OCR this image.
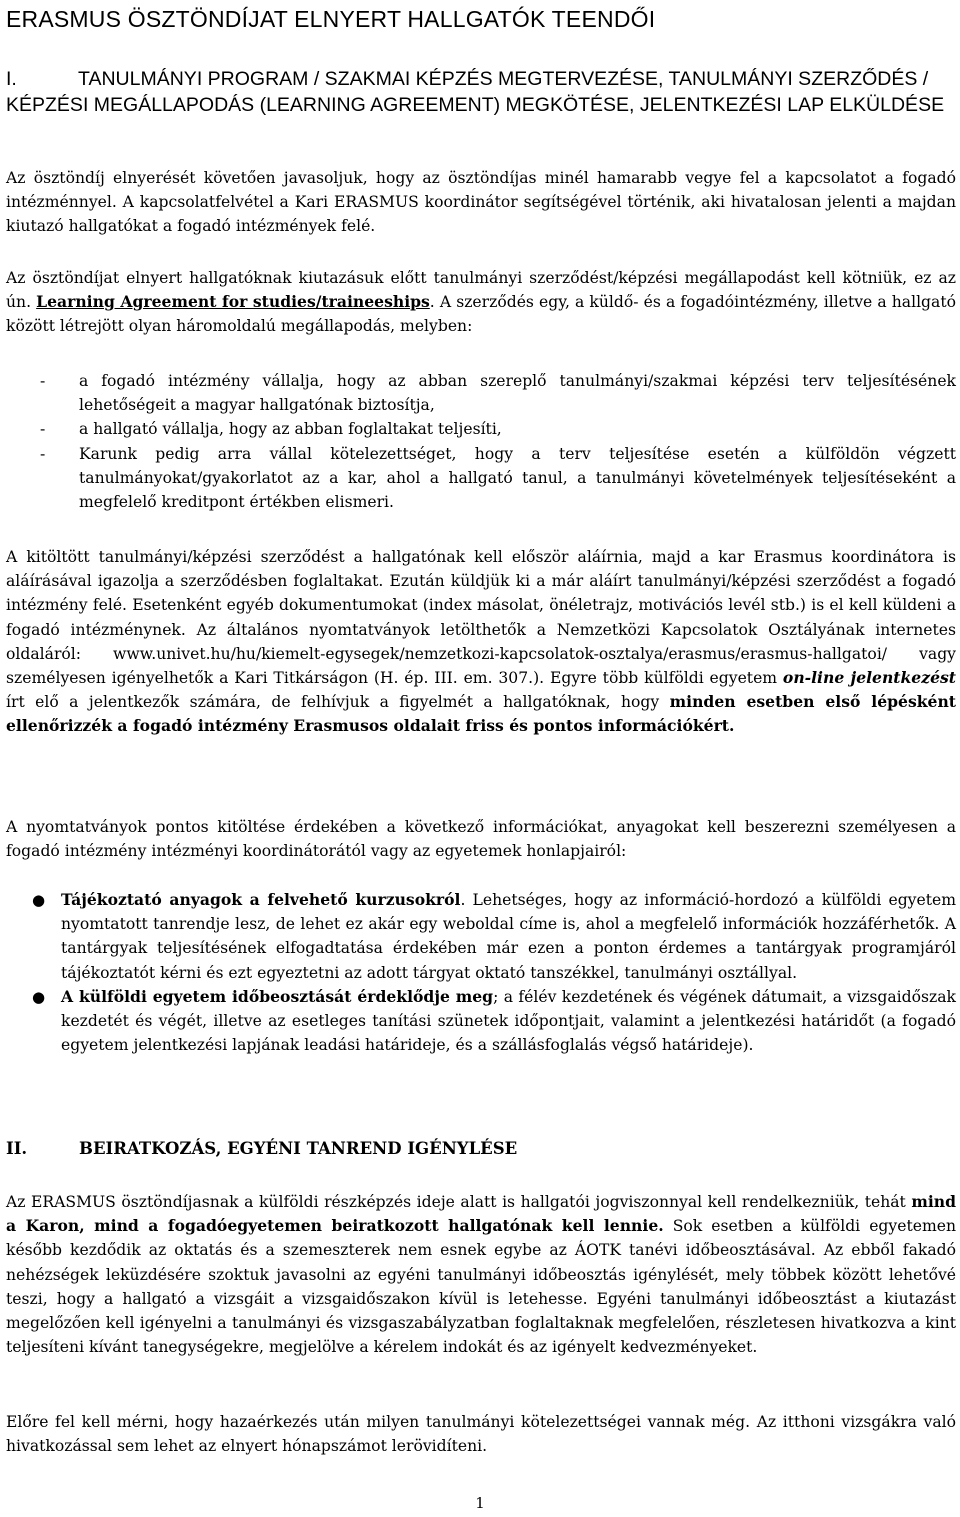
ERASMUS ÖSZTÖNDÍJAT ELNYERT HALLGATÓK TEENDŐI
I.	TANULMÁNYI PROGRAM / SZAKMAI KÉPZÉS MEGTERVEZÉSE, TANULMÁNYI SZERZŐDÉS / KÉPZÉSI MEGÁLLAPODÁS (LEARNING AGREEMENT) MEGKÖTÉSE, JELENTKEZÉSI LAP ELKÜLDÉSE

Az ösztöndíj elnyerését követően javasoljuk, hogy az ösztöndíjas minél hamarabb vegye fel a kapcsolatot a fogadó intézménnyel. A kapcsolatfelvétel a Kari ERASMUS koordinátor segítségével történik, aki hivatalosan jelenti a majdan kiutazó hallgatókat a fogadó intézmények felé.

Az ösztöndíjat elnyert hallgatóknak kiutazásuk előtt tanulmányi szerződést/képzési megállapodást kell kötniük, ez az ún. Learning Agreement for studies/traineeships. A szerződés egy, a küldő- és a fogadóintézmény, illetve a hallgató között létrejött olyan háromoldalú megállapodás, melyben:

- a fogadó intézmény vállalja, hogy az abban szereplő tanulmányi/szakmai képzési terv teljesítésének lehetőségeit a magyar hallgatónak biztosítja,
- a hallgató vállalja, hogy az abban foglaltakat teljesíti,
- Karunk pedig arra vállal kötelezettséget, hogy a terv teljesítése esetén a külföldön végzett tanulmányokat/gyakorlatot az a kar, ahol a hallgató tanul, a tanulmányi követelmények teljesítéseként a megfelelő kreditpont értékben elismeri.

A kitöltött tanulmányi/képzési szerződést a hallgatónak kell először aláírnia, majd a kar Erasmus koordinátora is aláírásával igazolja a szerződésben foglaltakat. Ezután küldjük ki a már aláírt tanulmányi/képzési szerződést a fogadó intézmény felé. Esetenként egyéb dokumentumokat (index másolat, önéletrajz, motivációs levél stb.) is el kell küldeni a fogadó intézménynek. Az általános nyomtatványok letölthetők a Nemzetközi Kapcsolatok Osztályának internetes oldaláról: www.univet.hu/hu/kiemelt-egysegek/nemzetkozi-kapcsolatok-osztalya/erasmus/erasmus-hallgatoi/ vagy személyesen igényelhetők a Kari Titkárságon (H. ép. III. em. 307.). Egyre több külföldi egyetem on-line jelentkezést írt elő a jelentkezők számára, de felhívjuk a figyelmét a hallgatóknak, hogy minden esetben első lépésként ellenőrizzék a fogadó intézmény Erasmusos oldalait friss és pontos információkért.

A nyomtatványok pontos kitöltése érdekében a következő információkat, anyagokat kell beszerezni személyesen a fogadó intézmény intézményi koordinátorától vagy az egyetemek honlapjairól:

● Tájékoztató anyagok a felvehető kurzusokról. Lehetséges, hogy az információ-hordozó a külföldi egyetem nyomtatott tanrendje lesz, de lehet ez akár egy weboldal címe is, ahol a megfelelő információk hozzáférhetők. A tantárgyak teljesítésének elfogadtatása érdekében már ezen a ponton érdemes a tantárgyak programjáról tájékoztatót kérni és ezt egyeztetni az adott tárgyat oktató tanszékkel, tanulmányi osztállyal.
● A külföldi egyetem időbeosztását érdeklődje meg; a félév kezdetének és végének dátumait, a vizsgaidőszak kezdetét és végét, illetve az esetleges tanítási szünetek időpontjait, valamint a jelentkezési határidőt (a fogadó egyetem jelentkezési lapjának leadási határideje, és a szállásfoglalás végső határideje).
II.	BEIRATKOZÁS, EGYÉNI TANREND IGÉNYLÉSE

Az ERASMUS ösztöndíjasnak a külföldi részképzés ideje alatt is hallgatói jogviszonnyal kell rendelkezniük, tehát mind a Karon, mind a fogadóegyetemen beiratkozott hallgatónak kell lennie. Sok esetben a külföldi egyetemen később kezdődik az oktatás és a szemeszterek nem esnek egybe az ÁOTK tanévi időbeosztásával. Az ebből fakadó nehézségek leküzdésére szoktuk javasolni az egyéni tanulmányi időbeosztás igénylését, mely többek között lehetővé teszi, hogy a hallgató a vizsgáit a vizsgaidőszakon kívül is letehesse. Egyéni tanulmányi időbeosztást a kiutazást megelőzően kell igényelni a tanulmányi és vizsgaszabályzatban foglaltaknak megfelelően, részletesen hivatkozva a kint teljesíteni kívánt tanegységekre, megjelölve a kérelem indokát és az igényelt kedvezményeket.

Előre fel kell mérni, hogy hazaérkezés után milyen tanulmányi kötelezettségei vannak még. Az itthoni vizsgákra való hivatkozással sem lehet az elnyert hónapszámot lerövidíteni.

1
